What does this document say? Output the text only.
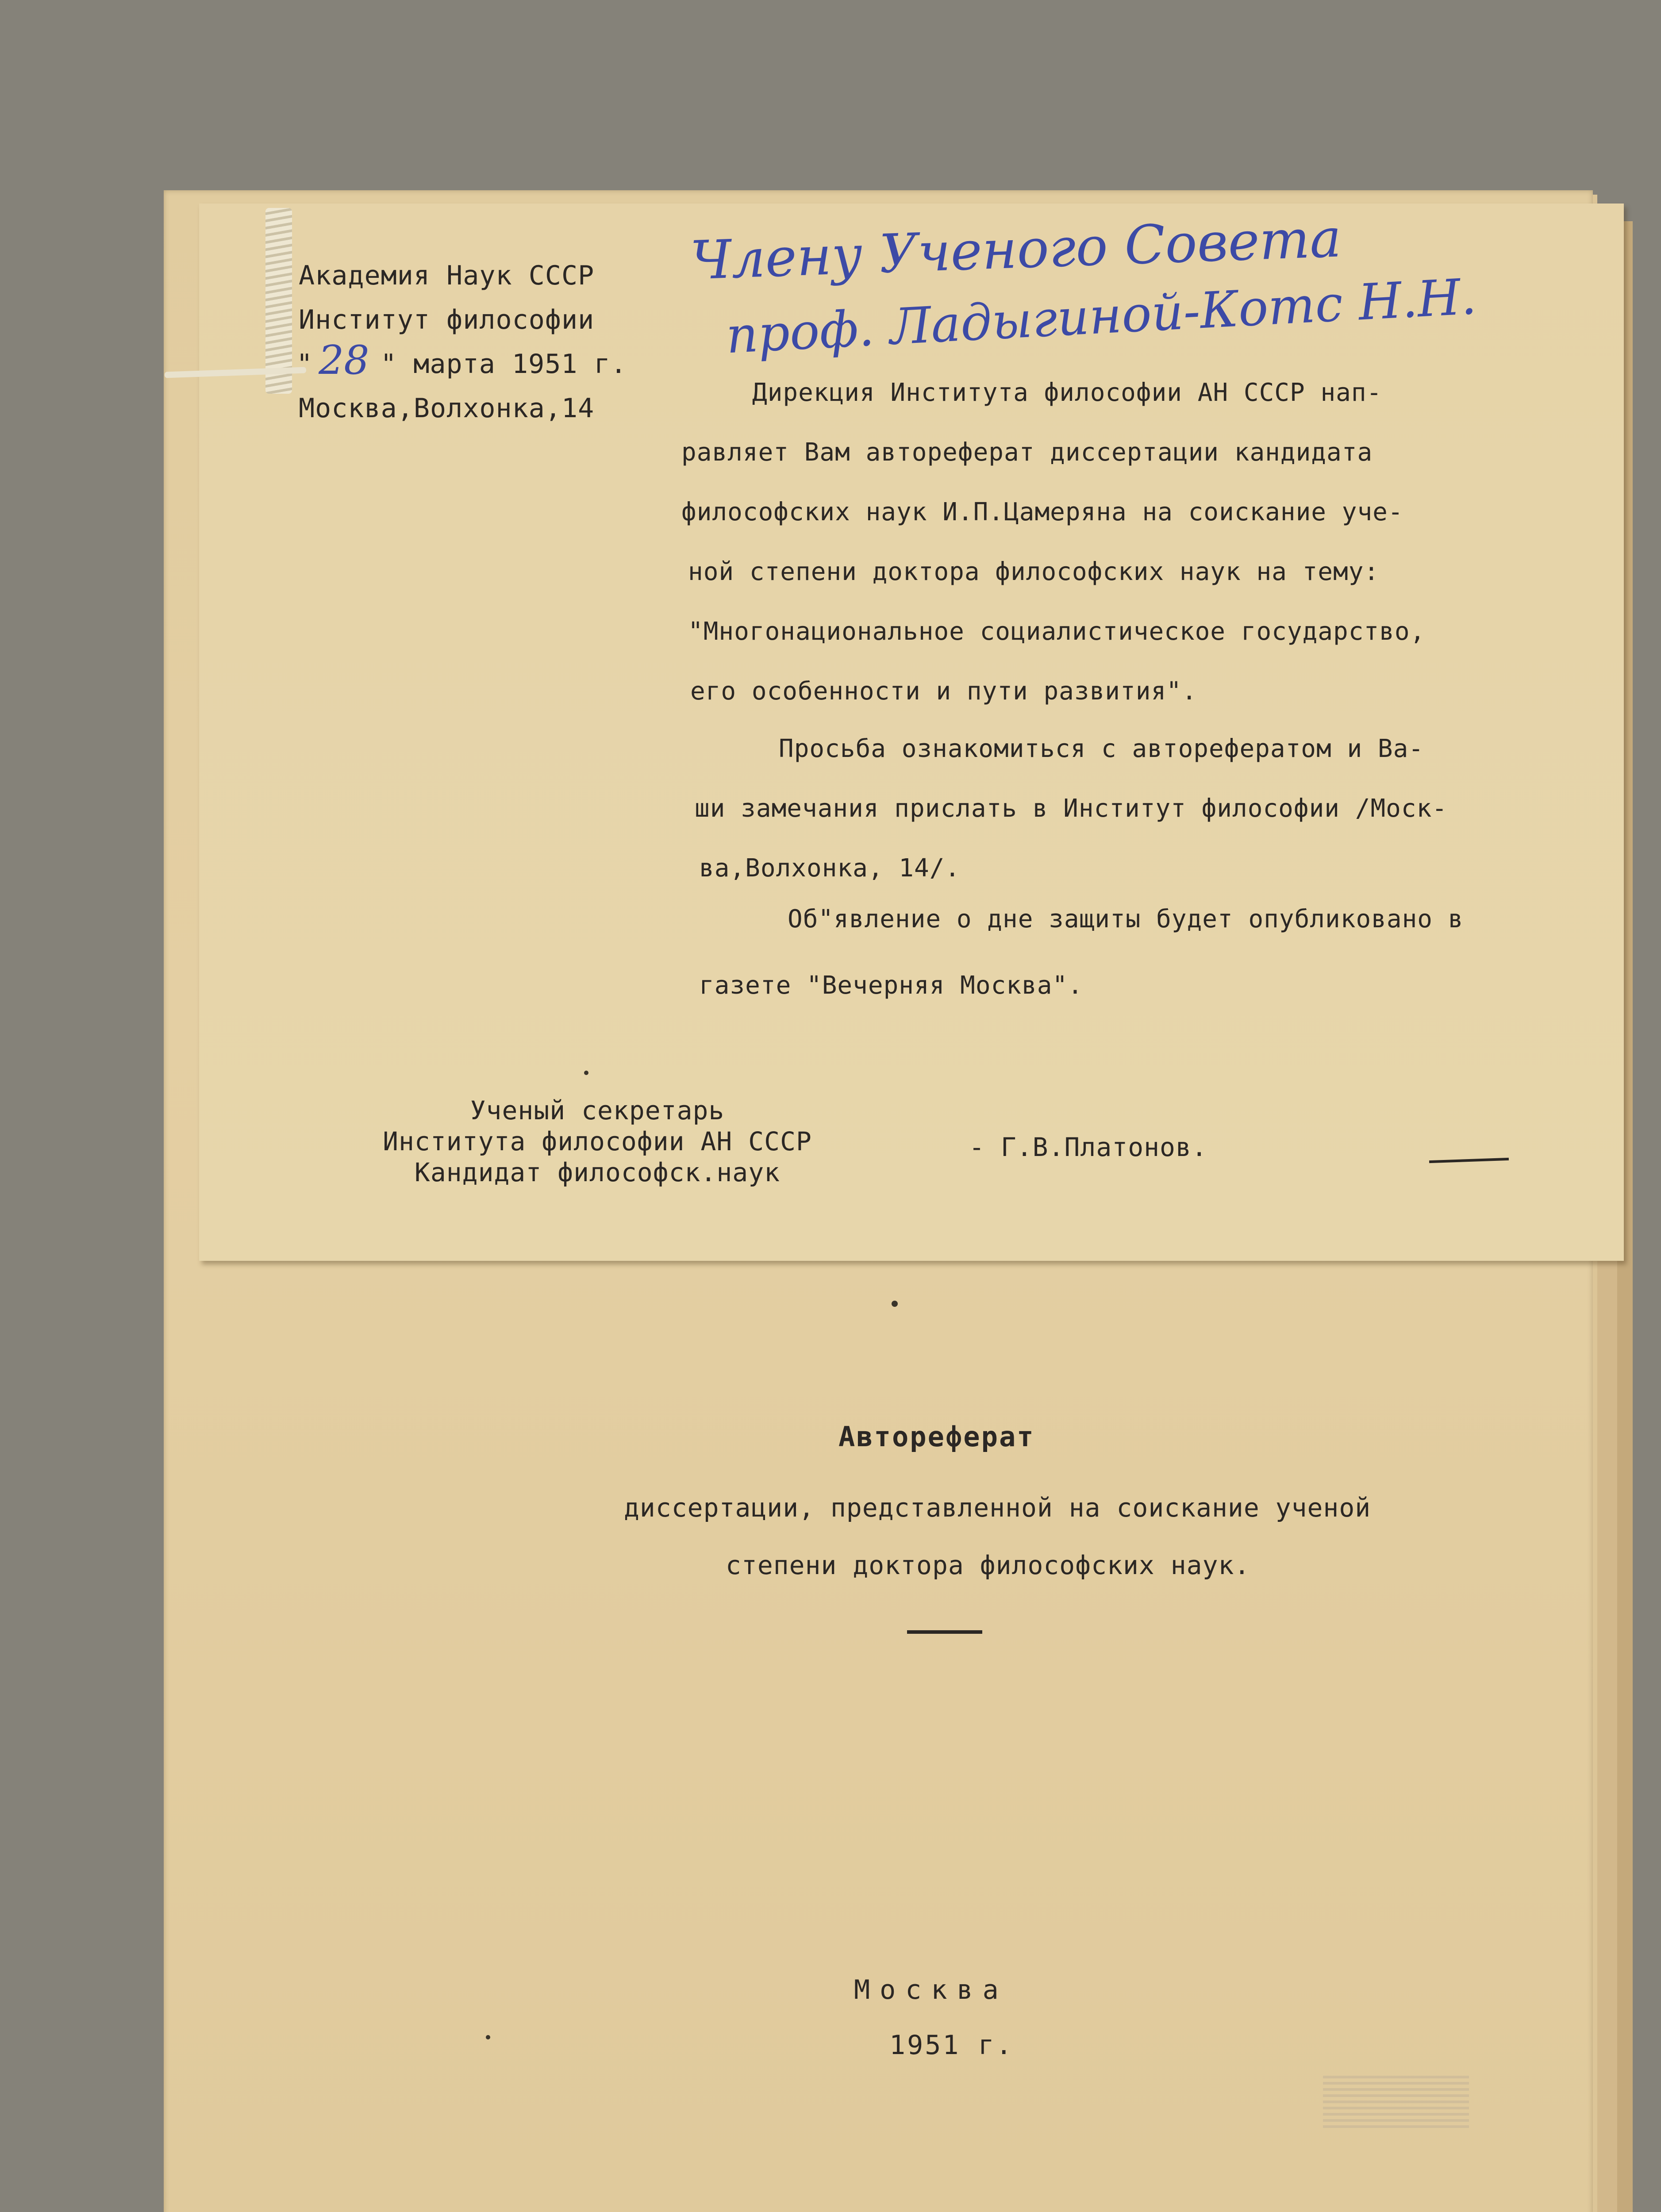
Автореферат

диссертации, представленной на соискание ученой

степени доктора философских наук.

Москва

1951 г.

Академия Наук СССР

Институт философии

" 28 " марта 1951 г.

Москва,Волхонка,14

Члену Ученого Совета

проф. Ладыгиной-Котс Н.Н.

Дирекция Института философии АН СССР нап-

равляет Вам автореферат диссертации кандидата

философских наук И.П.Цамеряна на соискание уче-

ной степени доктора философских наук на тему:

"Многонациональное социалистическое государство,

его особенности и пути развития".

Просьба ознакомиться с авторефератом и Ва-

ши замечания прислать в Институт философии /Моск-

ва,Волхонка, 14/.

Об"явление о дне защиты будет опубликовано в

газете "Вечерняя Москва".

Ученый секретарь

Института философии АН СССР

Кандидат философск.наук

- Г.В.Платонов.
